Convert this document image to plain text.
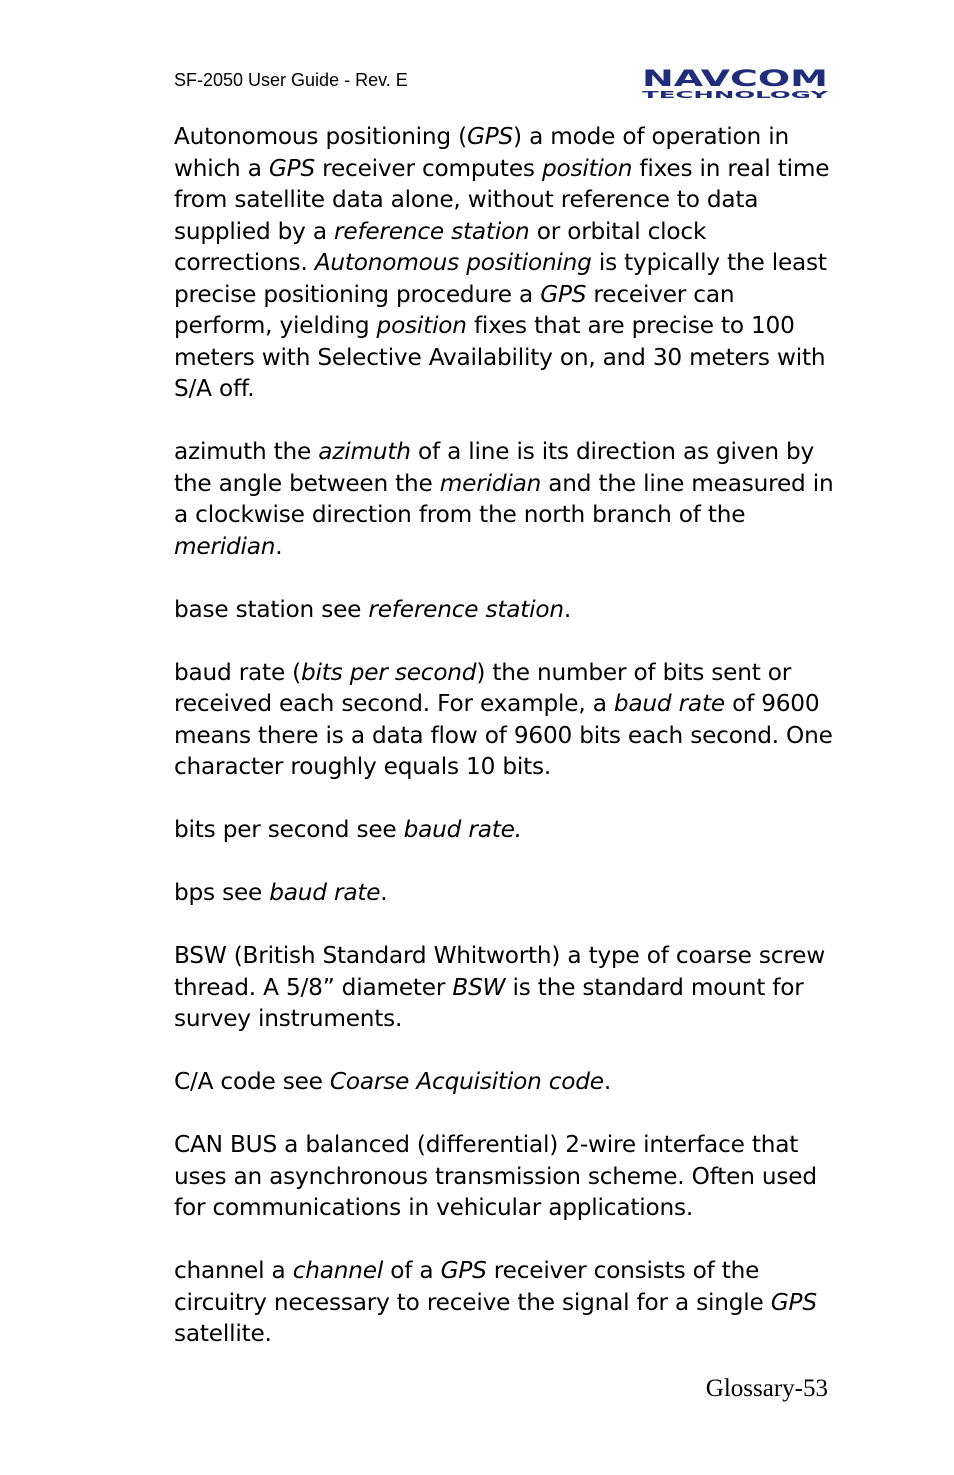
SF-2050 User Guide - Rev. E	NAVCOM
TECHNOLOGY

Autonomous positioning (GPS) a mode of operation in which a GPS receiver computes position fixes in real time from satellite data alone, without reference to data supplied by a reference station or orbital clock corrections. Autonomous positioning is typically the least precise positioning procedure a GPS receiver can perform, yielding position fixes that are precise to 100 meters with Selective Availability on, and 30 meters with S/A off.

azimuth the azimuth of a line is its direction as given by the angle between the meridian and the line measured in a clockwise direction from the north branch of the meridian.

base station see reference station.

baud rate (bits per second) the number of bits sent or received each second. For example, a baud rate of 9600 means there is a data flow of 9600 bits each second. One character roughly equals 10 bits.

bits per second see baud rate.

bps see baud rate.

BSW (British Standard Whitworth) a type of coarse screw thread. A 5/8” diameter BSW is the standard mount for survey instruments.

C/A code see Coarse Acquisition code.

CAN BUS a balanced (differential) 2-wire interface that uses an asynchronous transmission scheme. Often used for communications in vehicular applications.

channel a channel of a GPS receiver consists of the circuitry necessary to receive the signal for a single GPS satellite.

Glossary-53
